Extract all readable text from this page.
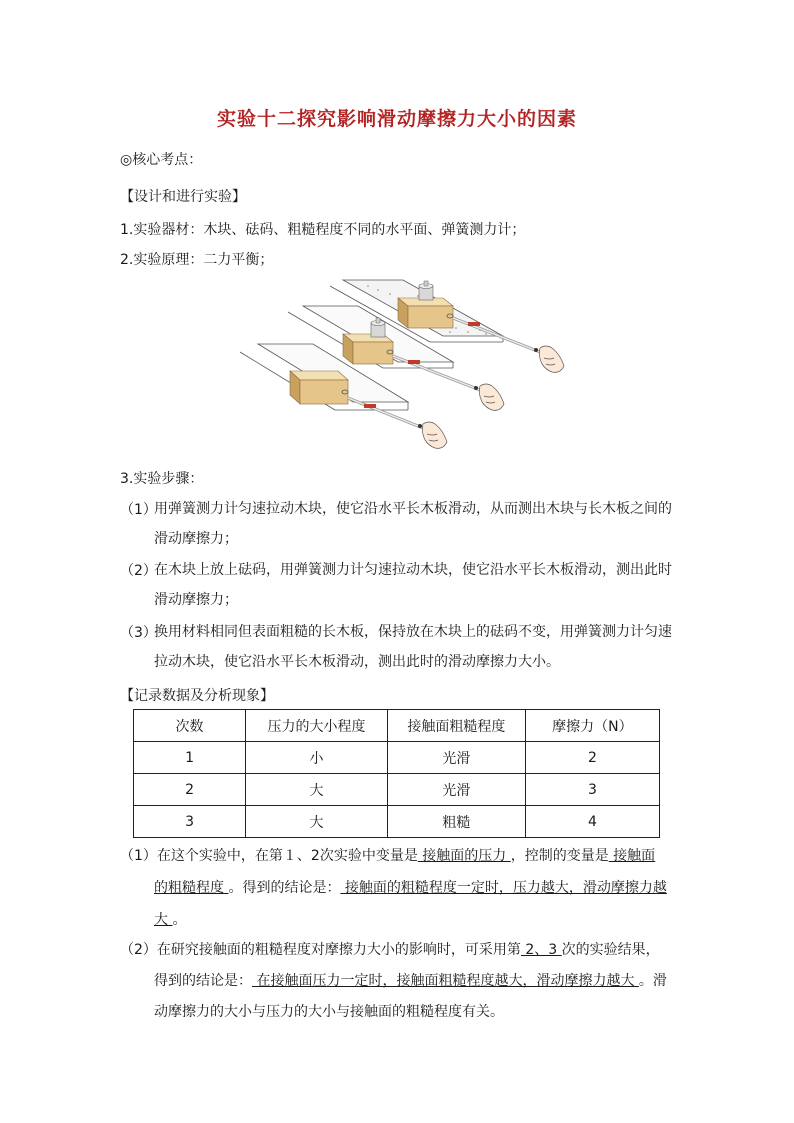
实验十二探究影响滑动摩擦力大小的因素
◎核心考点：
【设计和进行实验】
1.实验器材：木块、砝码、粗糙程度不同的水平面、弹簧测力计；
2.实验原理：二力平衡；
3.实验步骤：
（1）
用弹簧测力计匀速拉动木块，使它沿水平长木板滑动，从而测出木块与长木板之间的滑动摩擦力；
（2）
在木块上放上砝码，用弹簧测力计匀速拉动木块，使它沿水平长木板滑动，测出此时滑动摩擦力；
（3）
换用材料相同但表面粗糙的长木板，保持放在木块上的砝码不变，用弹簧测力计匀速拉动木块，使它沿水平长木板滑动，测出此时的滑动摩擦力大小。
【记录数据及分析现象】
次数	压力的大小程度	接触面粗糙程度	摩擦力（N）
1	小	光滑	2
2	大	光滑	3
3	大	粗糙	4
（1）在这个实验中，在第１、2次实验中变量是 接触面的压力 ，控制的变量是 接触面
的粗糙程度 。得到的结论是： 接触面的粗糙程度一定时，压力越大，滑动摩擦力越
大 。
（2）在研究接触面的粗糙程度对摩擦力大小的影响时，可采用第 2、3 次的实验结果，
得到的结论是： 在接触面压力一定时，接触面粗糙程度越大，滑动摩擦力越大 。滑
动摩擦力的大小与压力的大小与接触面的粗糙程度有关。
